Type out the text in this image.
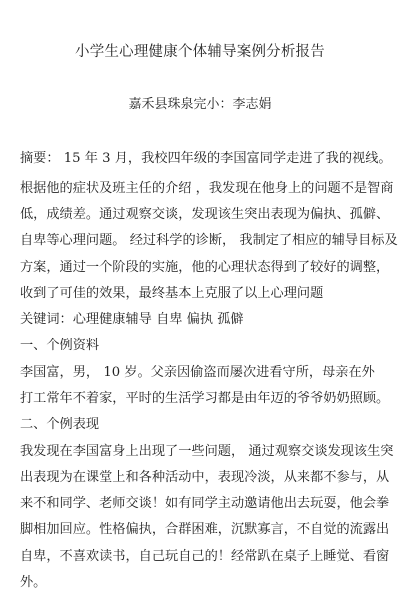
小学生心理健康个体辅导案例分析报告
嘉禾县珠泉完小：李志娟
摘要： 15 年 3 月，我校四年级的李国富同学走进了我的视线。
根据他的症状及班主任的介绍 ，我发现在他身上的问题不是智商
低，成绩差。通过观察交谈，发现该生突出表现为偏执、孤僻、
自卑等心理问题。 经过科学的诊断， 我制定了相应的辅导目标及
方案，通过一个阶段的实施，他的心理状态得到了较好的调整，
收到了可佳的效果，最终基本上克服了以上心理问题
关键词：心理健康辅导 自卑 偏执 孤僻
一、个例资料
李国富，男， 10 岁。父亲因偷盗而屡次进看守所，母亲在外
打工常年不着家，平时的生活学习都是由年迈的爷爷奶奶照顾。
二、个例表现
我发现在李国富身上出现了一些问题， 通过观察交谈发现该生突
出表现为在课堂上和各种活动中，表现冷淡，从来都不参与，从
来不和同学、老师交谈！如有同学主动邀请他出去玩耍，他会拳
脚相加回应。性格偏执，合群困难，沉默寡言，不自觉的流露出
自卑，不喜欢读书，自己玩自己的！经常趴在桌子上睡觉、看窗
外。
